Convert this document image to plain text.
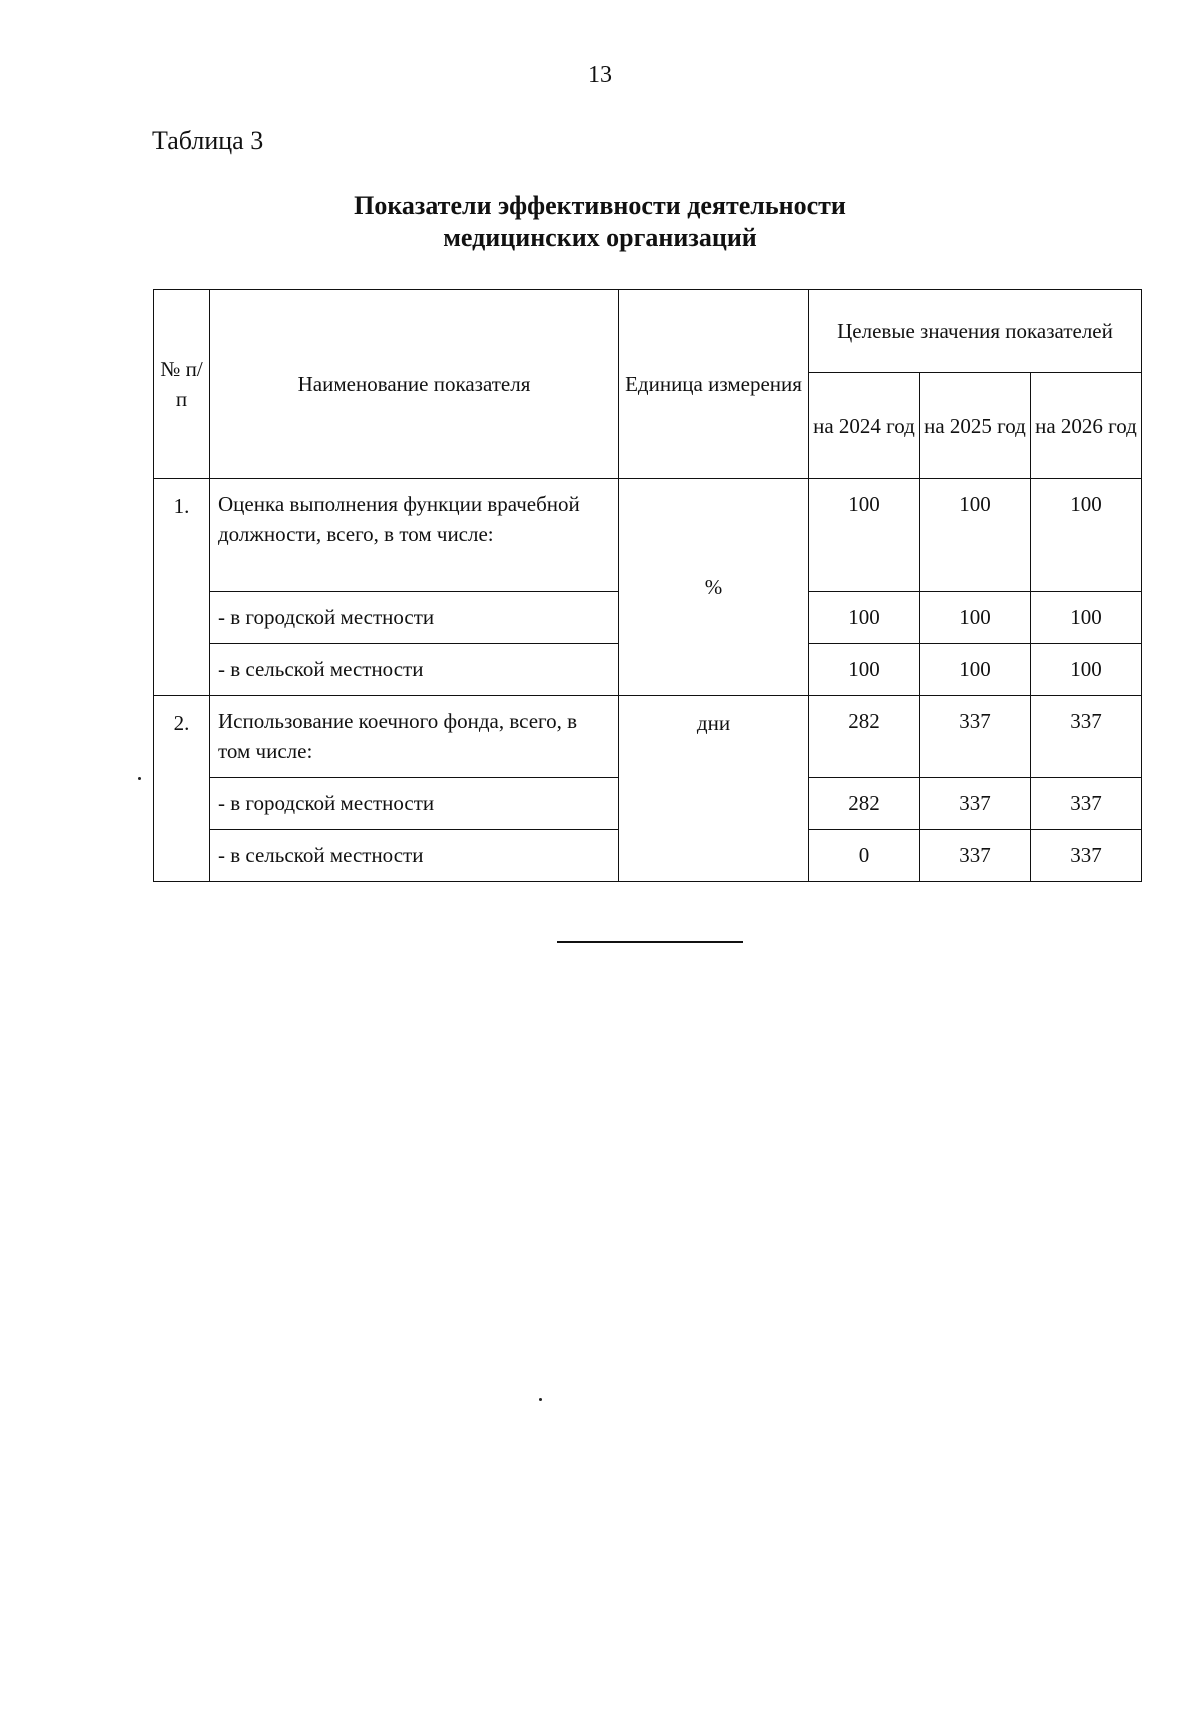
13
Таблица 3
Показатели эффективности деятельности
медицинских организаций
№ п/п	Наименование показателя	Единица измерения	Целевые значения показателей		
			на 2024 год	на 2025 год	на 2026 год
1.	Оценка выполнения функции врачебной должности, всего, в том числе:	%	100	100	100
	- в городской местности		100	100	100
	- в сельской местности		100	100	100
2.	Использование коечного фонда, всего, в том числе:	дни	282	337	337
	- в городской местности		282	337	337
	- в сельской местности		0	337	337
